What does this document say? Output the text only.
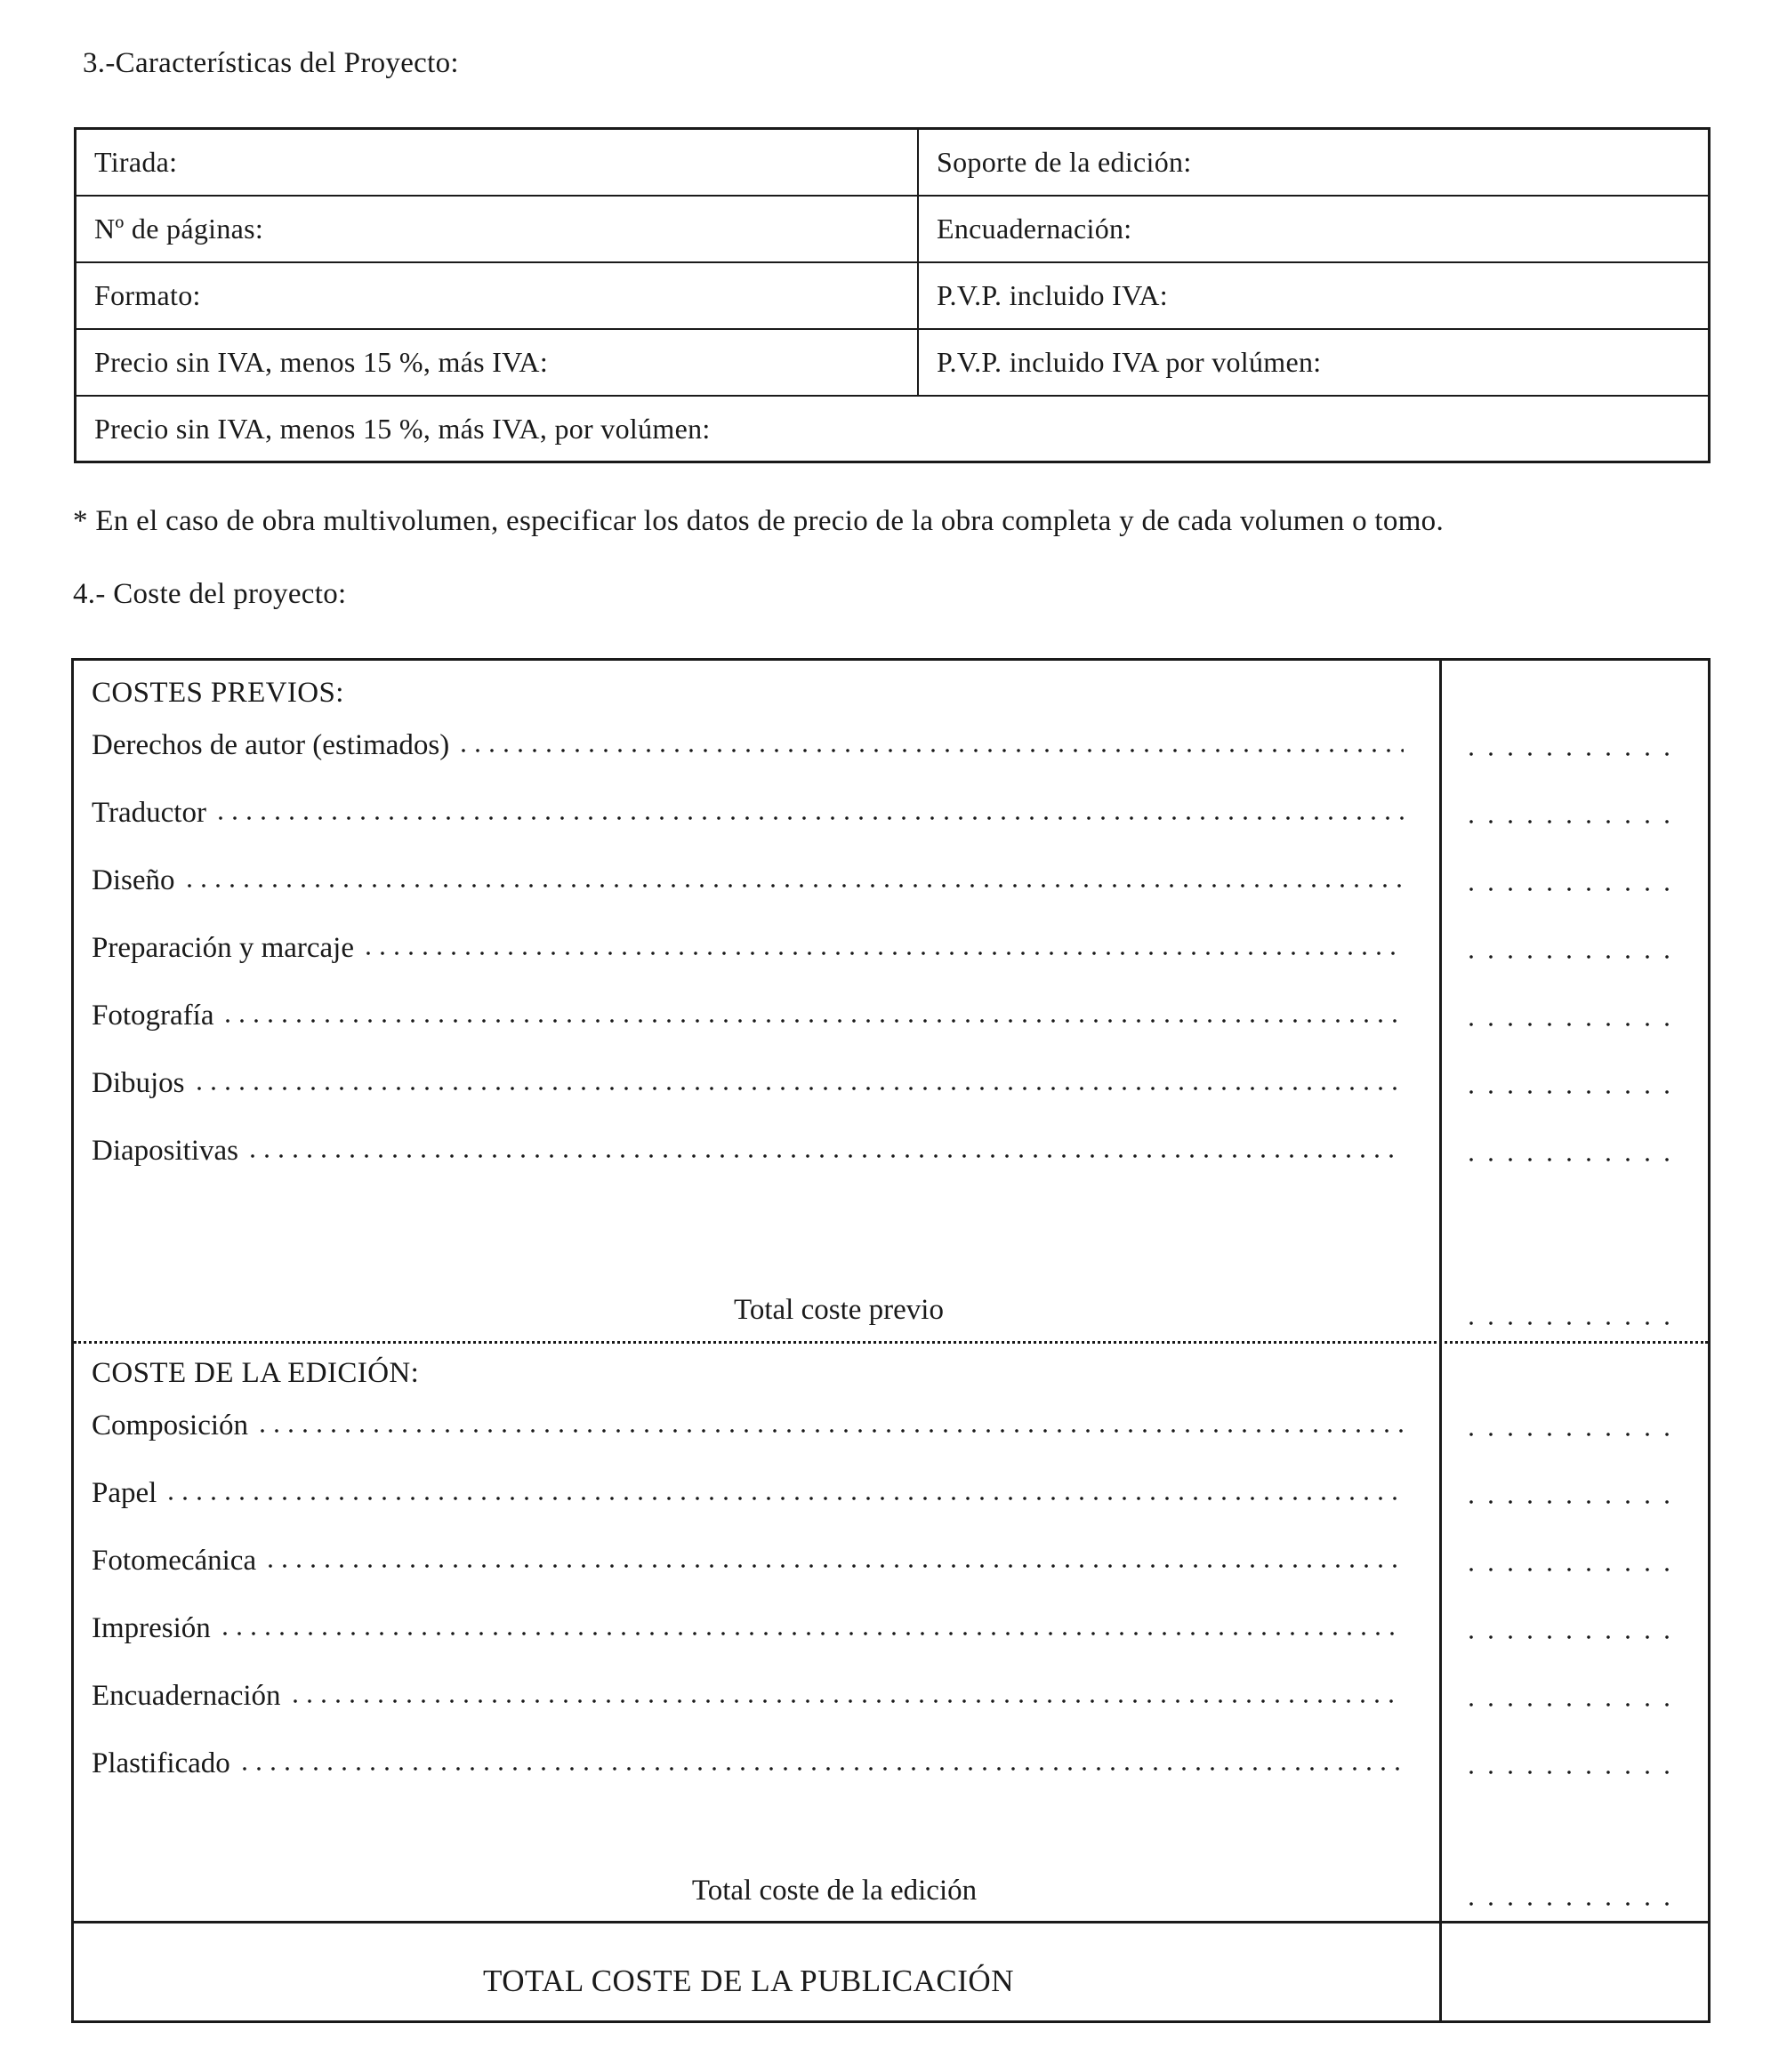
3.-Características del Proyecto:
Tirada:	Soporte de la edición:
Nº de páginas:	Encuadernación:
Formato:	P.V.P. incluido IVA:
Precio sin IVA, menos 15 %, más IVA:	P.V.P. incluido IVA por volúmen:
Precio sin IVA, menos 15 %, más IVA, por volúmen:
* En el caso de obra multivolumen, especificar los datos de precio de la obra completa y de cada volumen o tomo.
4.- Coste del proyecto:
COSTES PREVIOS:
Derechos de autor (estimados)
Traductor
Diseño
Preparación y marcaje
Fotografía
Dibujos
Diapositivas
Total coste previo
COSTE DE LA EDICIÓN:
Composición
Papel
Fotomecánica
Impresión
Encuadernación
Plastificado
Total coste de la edición
TOTAL COSTE DE LA PUBLICACIÓN
